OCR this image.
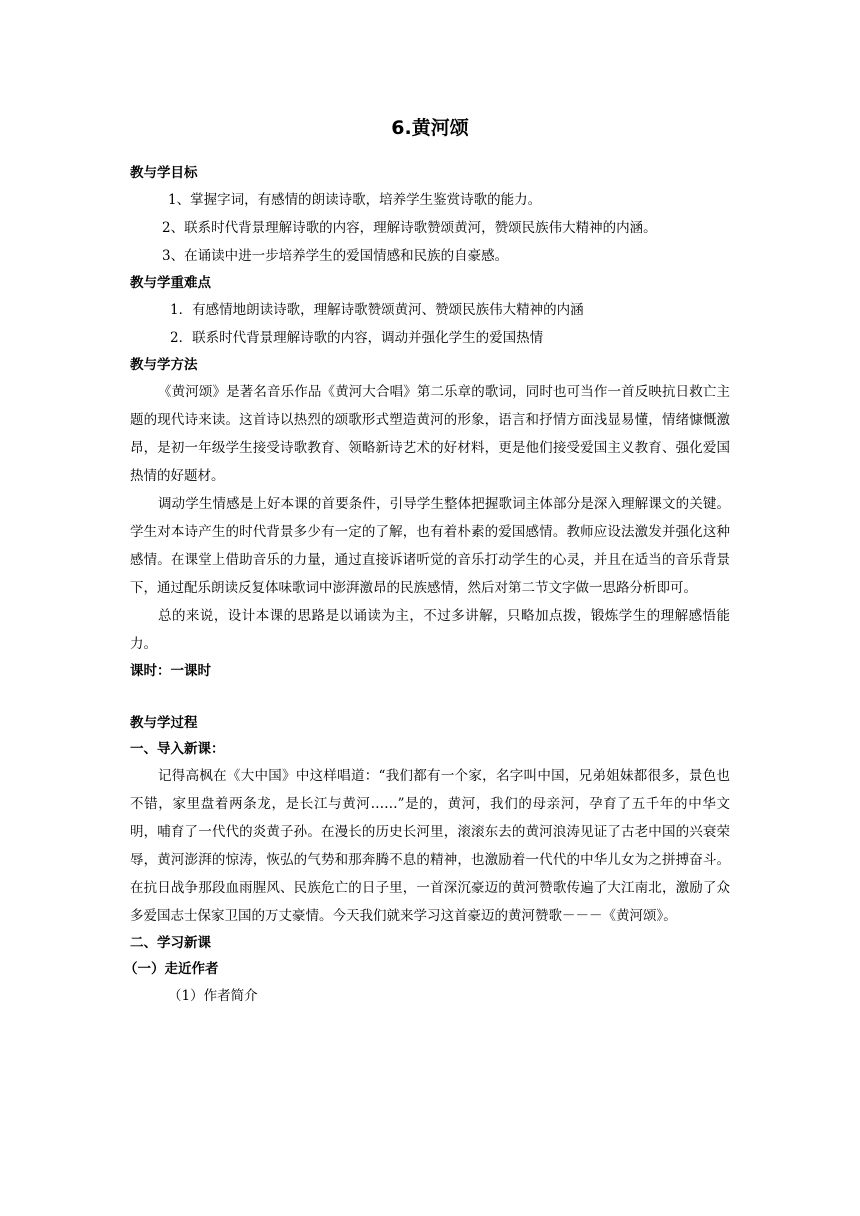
6.黄河颂

教与学目标

1、掌握字词，有感情的朗读诗歌，培养学生鉴赏诗歌的能力。

2、联系时代背景理解诗歌的内容，理解诗歌赞颂黄河，赞颂民族伟大精神的内涵。

3、在诵读中进一步培养学生的爱国情感和民族的自豪感。

教与学重难点

1．有感情地朗读诗歌，理解诗歌赞颂黄河、赞颂民族伟大精神的内涵

2．联系时代背景理解诗歌的内容，调动并强化学生的爱国热情

教与学方法

《黄河颂》是著名音乐作品《黄河大合唱》第二乐章的歌词，同时也可当作一首反映抗日救亡主题的现代诗来读。这首诗以热烈的颂歌形式塑造黄河的形象，语言和抒情方面浅显易懂，情绪慷慨激昂，是初一年级学生接受诗歌教育、领略新诗艺术的好材料，更是他们接受爱国主义教育、强化爱国热情的好题材。

调动学生情感是上好本课的首要条件，引导学生整体把握歌词主体部分是深入理解课文的关键。学生对本诗产生的时代背景多少有一定的了解，也有着朴素的爱国感情。教师应设法激发并强化这种感情。在课堂上借助音乐的力量，通过直接诉诸听觉的音乐打动学生的心灵，并且在适当的音乐背景下，通过配乐朗读反复体味歌词中澎湃激昂的民族感情，然后对第二节文字做一思路分析即可。

总的来说，设计本课的思路是以诵读为主，不过多讲解，只略加点拨，锻炼学生的理解感悟能力。

课时：一课时

教与学过程

一、导入新课：

记得高枫在《大中国》中这样唱道：“我们都有一个家，名字叫中国，兄弟姐妹都很多，景色也不错，家里盘着两条龙，是长江与黄河……”是的，黄河，我们的母亲河，孕育了五千年的中华文明，哺育了一代代的炎黄子孙。在漫长的历史长河里，滚滚东去的黄河浪涛见证了古老中国的兴衰荣辱，黄河澎湃的惊涛，恢弘的气势和那奔腾不息的精神，也激励着一代代的中华儿女为之拼搏奋斗。在抗日战争那段血雨腥风、民族危亡的日子里，一首深沉豪迈的黄河赞歌传遍了大江南北，激励了众多爱国志士保家卫国的万丈豪情。今天我们就来学习这首豪迈的黄河赞歌－－－《黄河颂》。

二、学习新课

（一）走近作者

（1）作者简介
